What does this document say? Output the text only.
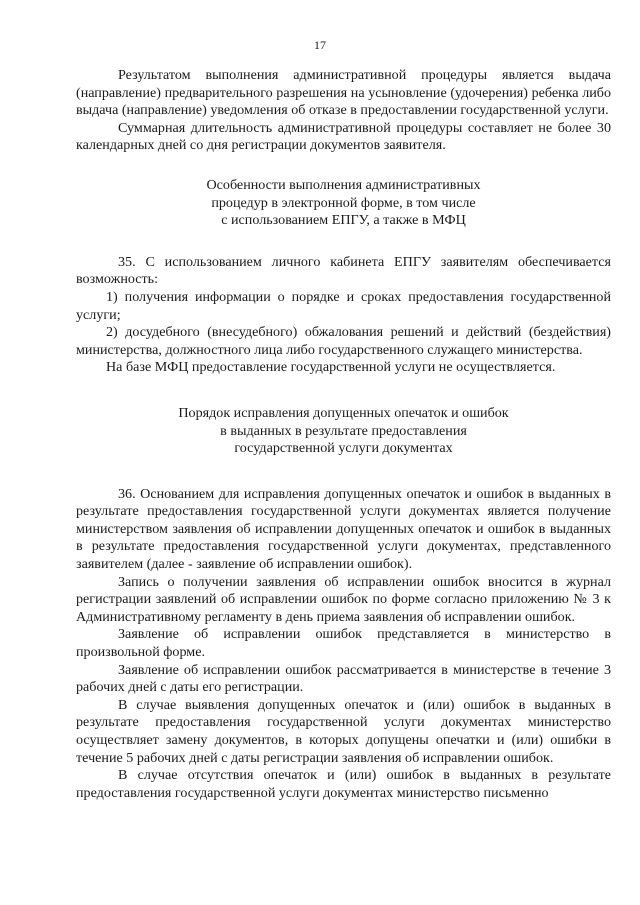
17

Результатом выполнения административной процедуры является выдача (направление) предварительного разрешения на усыновление (удочерения) ребенка либо выдача (направление) уведомления об отказе в предоставлении государственной услуги.

Суммарная длительность административной процедуры составляет не более 30 календарных дней со дня регистрации документов заявителя.

Особенности выполнения административных
процедур в электронной форме, в том числе
с использованием ЕПГУ, а также в МФЦ

35. С использованием личного кабинета ЕПГУ заявителям обеспечивается возможность:

1) получения информации о порядке и сроках предоставления государственной услуги;

2) досудебного (внесудебного) обжалования решений и действий (бездействия) министерства, должностного лица либо государственного служащего министерства.

На базе МФЦ предоставление государственной услуги не осуществляется.

Порядок исправления допущенных опечаток и ошибок
в выданных в результате предоставления
государственной услуги документах

36. Основанием для исправления допущенных опечаток и ошибок в выданных в результате предоставления государственной услуги документах является получение министерством заявления об исправлении допущенных опечаток и ошибок в выданных в результате предоставления государственной услуги документах, представленного заявителем (далее - заявление об исправлении ошибок).

Запись о получении заявления об исправлении ошибок вносится в журнал регистрации заявлений об исправлении ошибок по форме согласно приложению № 3 к Административному регламенту в день приема заявления об исправлении ошибок.

Заявление об исправлении ошибок представляется в министерство в произвольной форме.

Заявление об исправлении ошибок рассматривается в министерстве в течение 3 рабочих дней с даты его регистрации.

В случае выявления допущенных опечаток и (или) ошибок в выданных в результате предоставления государственной услуги документах министерство осуществляет замену документов, в которых допущены опечатки и (или) ошибки в течение 5 рабочих дней с даты регистрации заявления об исправлении ошибок.

В случае отсутствия опечаток и (или) ошибок в выданных в результате предоставления государственной услуги документах министерство письменно
